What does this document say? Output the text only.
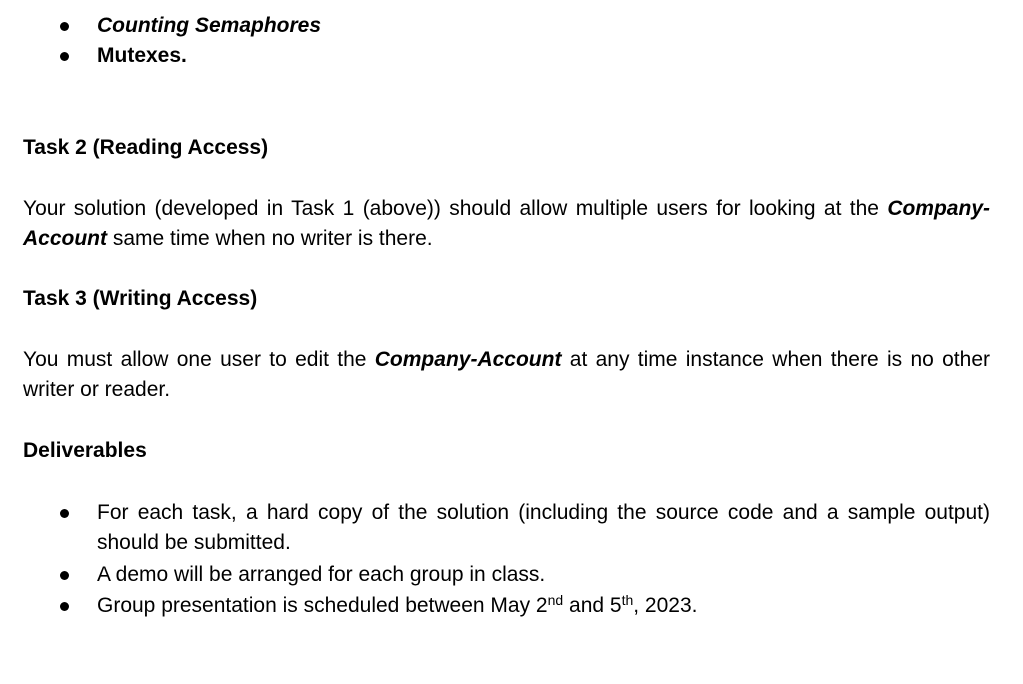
Counting Semaphores
Mutexes.
Task 2 (Reading Access)
Your solution (developed in Task 1 (above)) should allow multiple users for looking at the Company-Account same time when no writer is there.
Task 3 (Writing Access)
You must allow one user to edit the Company-Account at any time instance when there is no other writer or reader.
Deliverables
For each task, a hard copy of the solution (including the source code and a sample output) should be submitted.
A demo will be arranged for each group in class.
Group presentation is scheduled between May 2nd and 5th, 2023.
